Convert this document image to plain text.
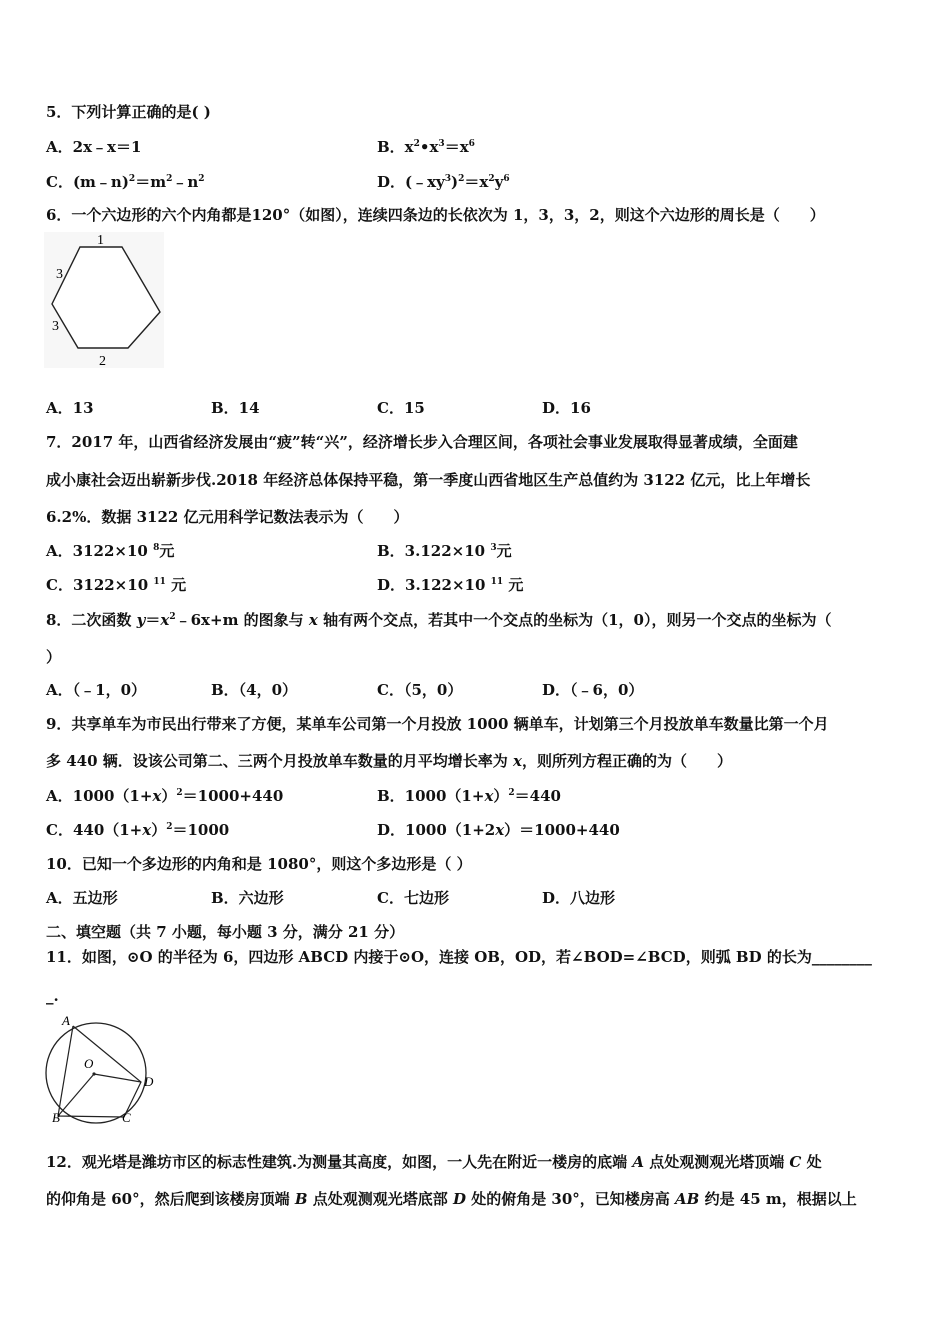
5．下列计算正确的是( )
A．2x﹣x＝1	B．$x^2•x^3=x^6$
C．$(m﹣n)^2=m^2﹣n^2$	D．$(﹣xy^3)^2=x^2y^6$
6．一个六边形的六个内角都是120°（如图），连续四条边的长依次为 1，3，3，2，则这个六边形的周长是（　　）
1
3
3
2
A．13	B．14	C．15	D．16
7．2017 年，山西省经济发展由“疲”转“兴”，经济增长步入合理区间，各项社会事业发展取得显著成绩，全面建
成小康社会迈出崭新步伐.2018 年经济总体保持平稳，第一季度山西省地区生产总值约为 3122 亿元，比上年增长
6.2%．数据 3122 亿元用科学记数法表示为（　　）
A．3122×10 $^8$元	B．3.122×10 $^3$元
C．3122×10 $^{11}$ 元	D．3.122×10 $^{11}$ 元
8．二次函数 $y=x^2﹣6x+m$ 的图象与 x 轴有两个交点，若其中一个交点的坐标为（1，0），则另一个交点的坐标为（
）
A．（﹣1，0）	B．（4，0）	C．（5，0）	D．（﹣6，0）
9．共享单车为市民出行带来了方便，某单车公司第一个月投放 1000 辆单车，计划第三个月投放单车数量比第一个月
多 440 辆．设该公司第二、三两个月投放单车数量的月平均增长率为 x，则所列方程正确的为（　　）
A．$1000(1+x)^2=1000+440$	B．$1000(1+x)^2=440$
C．$440(1+x)^2=1000$	D．1000（1+2x）＝1000+440
10．已知一个多边形的内角和是 1080°，则这个多边形是（ ）
A．五边形	B．六边形	C．七边形	D．八边形
二、填空题（共 7 小题，每小题 3 分，满分 21 分）
11．如图，⊙O 的半径为 6，四边形 ABCD 内接于⊙O，连接 OB，OD，若∠BOD=∠BCD，则弧 BD 的长为________
_.
A
O
D
B	C
12．观光塔是潍坊市区的标志性建筑.为测量其高度，如图，一人先在附近一楼房的底端 A 点处观测观光塔顶端 C 处
的仰角是 60°，然后爬到该楼房顶端 B 点处观测观光塔底部 D 处的俯角是 30°，已知楼房高 AB 约是 45 m，根据以上
